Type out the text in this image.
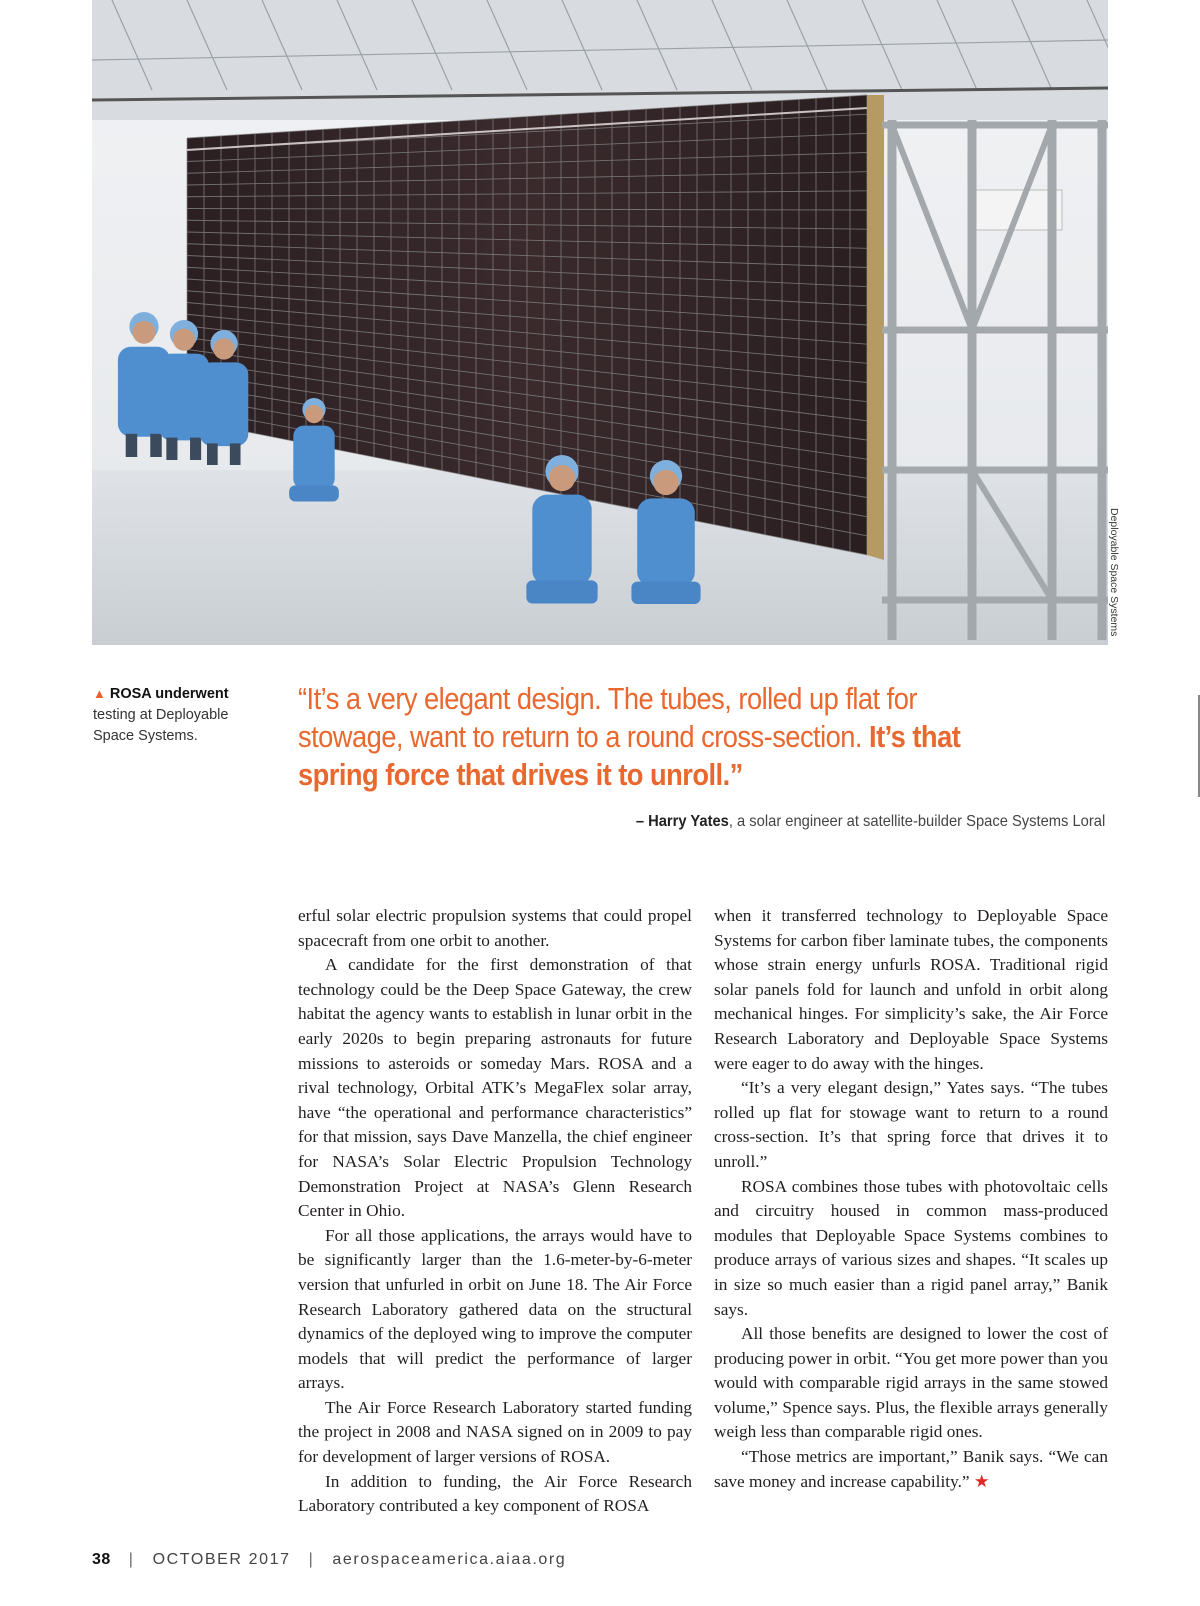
Deployable Space Systems
▲ ROSA underwent testing at Deployable Space Systems.
“It’s a very elegant design. The tubes, rolled up flat for stowage, want to return to a round cross-section. It’s that spring force that drives it to unroll.”
– Harry Yates, a solar engineer at satellite-builder Space Systems Loral

erful solar electric propulsion systems that could propel spacecraft from one orbit to another.

A candidate for the first demonstration of that technology could be the Deep Space Gateway, the crew habitat the agency wants to establish in lunar orbit in the early 2020s to begin preparing astronauts for future missions to asteroids or someday Mars. ROSA and a rival technology, Orbital ATK’s MegaFlex solar array, have “the operational and performance characteristics” for that mission, says Dave Manzella, the chief engineer for NASA’s Solar Electric Propulsion Technology Demonstration Project at NASA’s Glenn Research Center in Ohio.

For all those applications, the arrays would have to be significantly larger than the 1.6-meter-by-6-meter version that unfurled in orbit on June 18. The Air Force Research Laboratory gathered data on the structural dynamics of the deployed wing to improve the computer models that will predict the performance of larger arrays.

The Air Force Research Laboratory started funding the project in 2008 and NASA signed on in 2009 to pay for development of larger versions of ROSA.

In addition to funding, the Air Force Research Laboratory contributed a key component of ROSA

when it transferred technology to Deployable Space Systems for carbon fiber laminate tubes, the components whose strain energy unfurls ROSA. Traditional rigid solar panels fold for launch and unfold in orbit along mechanical hinges. For simplicity’s sake, the Air Force Research Laboratory and Deployable Space Systems were eager to do away with the hinges.

“It’s a very elegant design,” Yates says. “The tubes rolled up flat for stowage want to return to a round cross-section. It’s that spring force that drives it to unroll.”

ROSA combines those tubes with photovoltaic cells and circuitry housed in common mass-produced modules that Deployable Space Systems combines to produce arrays of various sizes and shapes. “It scales up in size so much easier than a rigid panel array,” Banik says.

All those benefits are designed to lower the cost of producing power in orbit. “You get more power than you would with comparable rigid arrays in the same stowed volume,” Spence says. Plus, the flexible arrays generally weigh less than comparable rigid ones.

“Those metrics are important,” Banik says. “We can save money and increase capability.” ★

38 | OCTOBER 2017 | aerospaceamerica.aiaa.org
